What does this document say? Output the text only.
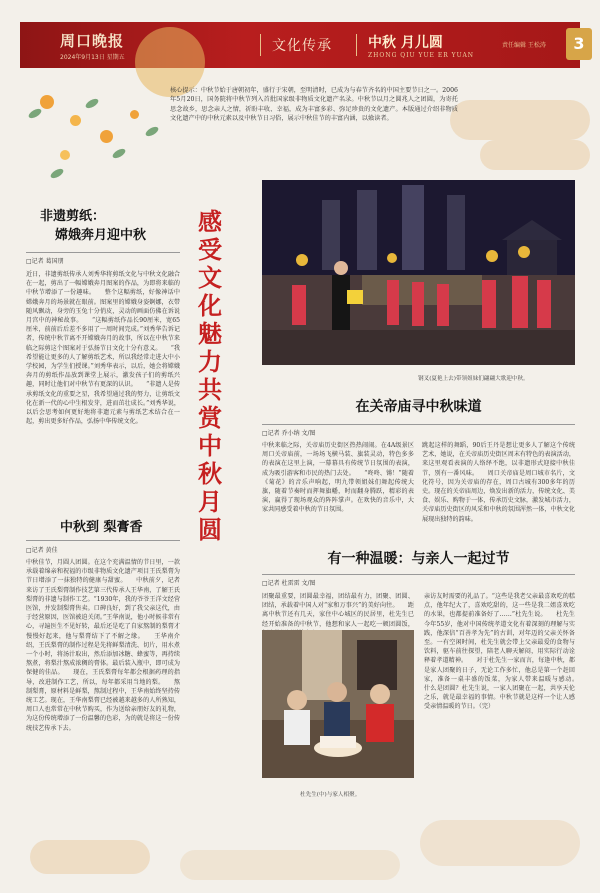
周口晚报
2024年9月13日 星期五
文化传承	中秋 月儿圆
ZHONG QIU YUE ER YUAN
责任编辑 王松涛	3
核心提示：中秋节始于唐朝初年，盛行于宋朝，至明清时，已成为与春节齐名的中国主要节日之一。2006年5月20日，国务院将中秋节列入首批国家级非物质文化遗产名录。中秋节以月之圆兆人之团圆，为寄托思念故乡，思念亲人之情，祈盼丰收、幸福，成为丰富多彩、弥足珍贵的文化遗产。本版通过介绍非物质文化遗产中的中秋元素以及中秋节日习俗，展示中秋佳节的丰富内涵，以飨读者。
非遗剪纸：
嫦娥奔月迎中秋
□记者 葛国朋
近日，非遗剪纸传承人刘秀华将剪纸文化与中秋文化融合在一起，剪出了一幅嫦娥奔月图案的作品，为即将来临的中秋节增添了一份趣味。　　整个这幅剪纸，好像神话中嫦娥奔月的场景就在眼前。图案里的嫦娥身姿婀娜，衣带随风飘动，身旁的玉兔十分俏皮，灵动的画面仿佛在诉说月宫中的神秘故事。　　“这幅剪纸作品长90厘米，宽65厘米，前前后后差不多用了一周时间完成。”刘秀华告诉记者，传统中秋节离不开嫦娥奔月的故事，所以在中秋节来临之际剪这个图案对于弘扬节日文化十分有意义。　　“我希望能让更多的人了解剪纸艺术，所以我经常走进大中小学校园，为学生们授课。”刘秀华表示，以后，她会将嫦娥奔月的剪纸作品放到课堂上展示，激发孩子们的剪纸兴趣，同时让他们对中秋节有更深的认识。　　“非遗人是传承剪纸文化的重要之星，我希望通过我的努力，让剪纸文化在新一代的心中生根发芽，进而茁壮成长。”刘秀华说，以后会思考如何更好地将非遗元素与剪纸艺术结合在一起，剪出更多好作品，弘扬中华传统文化。
中秋到 梨膏香
□记者 黄佳
中秋佳节，月圆人团圆。在这个充满温情的节日里，一款承载着绵亲和祝福的市级非物质文化遗产项目王氏梨膏为节日增添了一抹独特的健康与甜蜜。　　中秋前夕，记者来访了王氏梨膏制作技艺第三代传承人王华南，了解王氏梨膏的非遗与制作工艺。“1930年，我的爷爷王洋文经营医馆，并发制梨膏售卖。口碑良好，到了我父亲这代，由于经营原因，医馆被迫关闭。”王华南说，他小时候非常有心，寻遍医生不见好转，最后还是吃了自家熬制的梨膏才慢慢好起来，他与梨膏结下了不解之缘。　　王华南介绍，王氏梨膏的制作过程是先将鲜梨清洗、切片，用水煮一个小时，将汤汁取出，然后添加冰糖、蜂蜜等，再持续熬煮，将梨汁熬成浓稠的膏体。最后装入瓶中，即可成为保健的佳品。　　现在，王氏梨膏每年都会根据药理的指导，改进制作工艺，所以，每年都采用当地的梨。　　熬制梨膏，原材料是鲜梨，熬制过程中，王华南始终坚持传统工艺。现在，王华南梨膏已经被越来越多的人所熟知，周口人也常常在中秋节购买，作为送给亲朋好友的礼物，为这份传统增添了一份温馨的色彩，为的就是将这一份传统技艺传承下去。
感受文化魅力 共赏中秋月圆
钢叉(夏艳上去)带领姐妹们翩翩大歌迎中秋。
在关帝庙寻中秋味道
□记者 乔小纳 文/图
中秋来临之际，关帝庙历史街区热热闹闹。在4A级景区周口关帝庙前，一场场飞横马装、旗装灵动，特色多多的表演在这里上演，一幕幕具有传统节日氛围的表演，成为吸引游客和市民的热门去处。　　“咚咚、锵！”随着《菊花》的音乐声响起，明九带领姐妹们舞起传统大旗，随着节奏时而挥舞旗幡，时而翻身腾跃，精彩的表演，赢得了现场观众的阵阵掌声。在欢快的音乐中，大家共同感受着中秋的节日氛围。
跳起这样的舞蹈，90后王丹是想让更多人了解这个传统艺术，她说，在关帝庙历史街区周末有特色的表演活动，来这里观看表演的人络绎不绝，以非遗形式迎接中秋佳节，别有一番风味。　　周口关帝庙是周口城市名片，文化符号，因为关帝庙的存在，周口古城有300多年的历史。现在的关帝庙周边，焕发出新的活力，传统文化、美食、娱乐、购物于一体，传承历史文脉，激发城市活力，关帝庙历史街区的风采和中秋的氛围浑然一体，中秋文化展现出独特的韵味。
有一种温暖：与亲人一起过节
□记者 杜雷雷 文/图
团聚最重要，团圆最幸福，团结最有力，团聚、团圆、团结，承载着中国人对“家和万事兴”的美好向往。　　距离中秋节还有几天，家住中心城区的民居里，杜先生已经开始准备的中秋节，他想和家人一起吃一顿团圆饭，
杜先生(中)与家人相聚。
亲访友时需要的礼品了。“这些是我老父亲最喜欢吃的糕点，他年纪大了，喜欢吃甜的，这一些是我二姐喜欢吃的水果，也都提前准备好了……”杜先生说。　　杜先生今年55岁，他对中国传统孝道文化有着深刻的理解与实践，他深信“百善孝为先”的古训，对年迈的父亲关怀备至。一有空闲时间，杜先生就会带上父亲最爱的食物与饮料，驱车前往探望，陪老人聊天解闷，用实际行动诠释着孝道精神。　　对于杜先生一家而言，每逢中秋，都是家人团聚的日子，无论工作多忙，他总是第一个赶回家，准备一桌丰盛的饭菜，为家人带来温暖与感动。　　什么是团圆？杜先生说，一家人团聚在一起，共享天伦之乐，就是最幸福的事情。中秋节就是这样一个让人感受亲情温暖的节日。（完）
